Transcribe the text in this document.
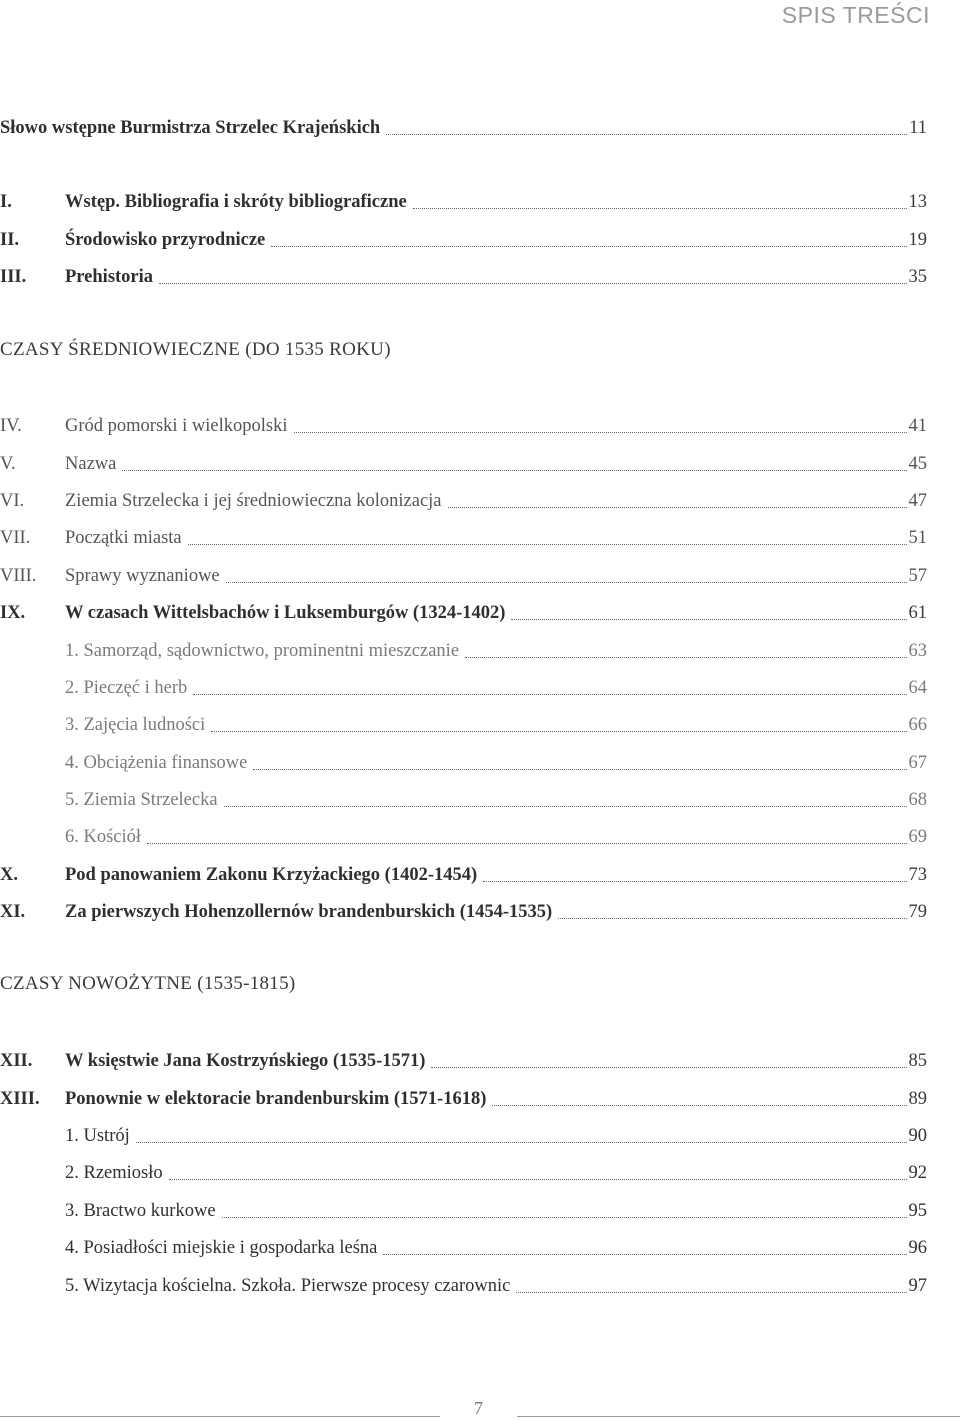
SPIS TREŚCI
Słowo wstępne Burmistrza Strzelec Krajeńskich	11
I.	Wstęp. Bibliografia i skróty bibliograficzne	13
II.	Środowisko przyrodnicze	19
III.	Prehistoria	35
CZASY ŚREDNIOWIECZNE (DO 1535 ROKU)
IV.	Gród pomorski i wielkopolski	41
V.	Nazwa	45
VI.	Ziemia Strzelecka i jej średniowieczna kolonizacja	47
VII.	Początki miasta	51
VIII.	Sprawy wyznaniowe	57
IX.	W czasach Wittelsbachów i Luksemburgów (1324-1402)	61
1. Samorząd, sądownictwo, prominentni mieszczanie	63
2. Pieczęć i herb	64
3. Zajęcia ludności	66
4. Obciążenia finansowe	67
5. Ziemia Strzelecka	68
6. Kościół	69
X.	Pod panowaniem Zakonu Krzyżackiego (1402-1454)	73
XI.	Za pierwszych Hohenzollernów brandenburskich (1454-1535)	79
CZASY NOWOŻYTNE (1535-1815)
XII.	W księstwie Jana Kostrzyńskiego (1535-1571)	85
XIII.	Ponownie w elektoracie brandenburskim (1571-1618)	89
1. Ustrój	90
2. Rzemiosło	92
3. Bractwo kurkowe	95
4. Posiadłości miejskie i gospodarka leśna	96
5. Wizytacja kościelna. Szkoła. Pierwsze procesy czarownic	97
7
